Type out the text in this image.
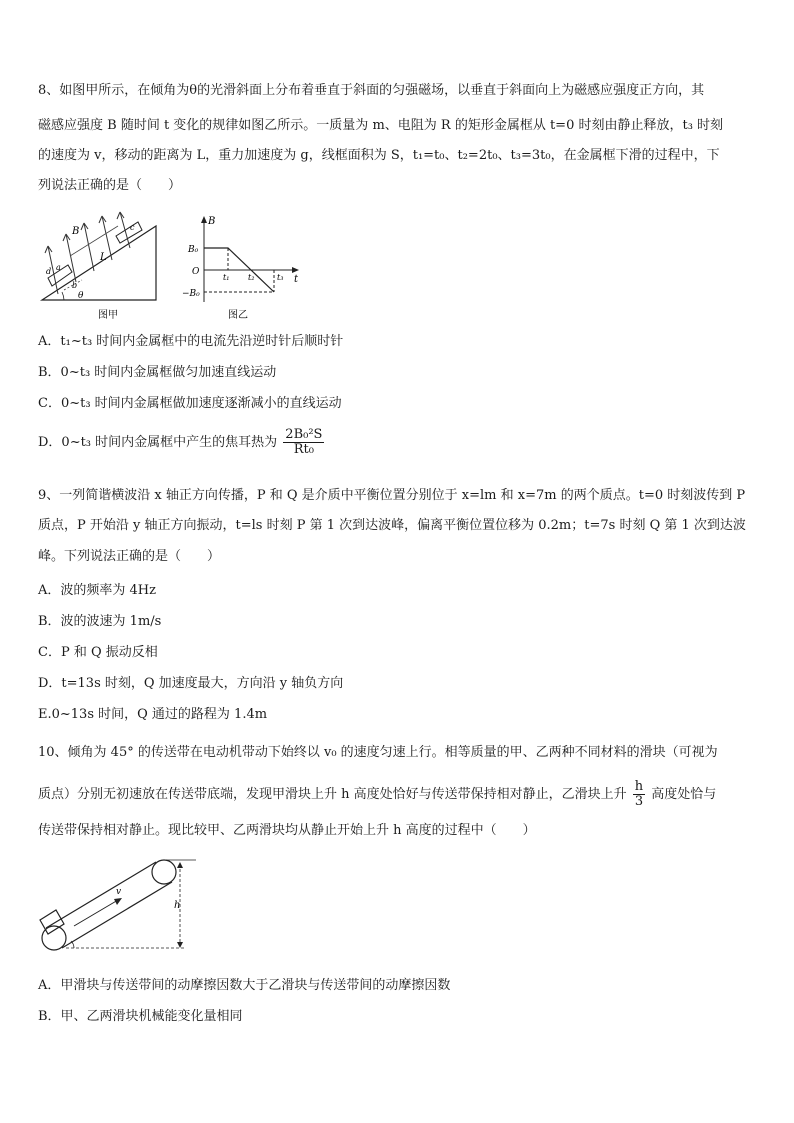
8、如图甲所示，在倾角为θ的光滑斜面上分布着垂直于斜面的匀强磁场，以垂直于斜面向上为磁感应强度正方向，其
磁感应强度 B 随时间 t 变化的规律如图乙所示。一质量为 m、电阻为 R 的矩形金属框从 t=0 时刻由静止释放，t₃ 时刻
的速度为 v，移动的距离为 L，重力加速度为 g，线框面积为 S，t₁=t₀、t₂=2t₀、t₃=3t₀，在金属框下滑的过程中，下
列说法正确的是（　　）
B
L
d a
c
b
θ
图甲
B
B₀
O
−B₀
t
t₁ t₂	t₃
图乙
A．t₁~t₃ 时间内金属框中的电流先沿逆时针后顺时针
B．0~t₃ 时间内金属框做匀加速直线运动
C．0~t₃ 时间内金属框做加速度逐渐减小的直线运动
D．0~t₃ 时间内金属框中产生的焦耳热为 $\frac{\text{2B₀²S}}{\text{Rt₀}}$
9、一列简谐横波沿 x 轴正方向传播，P 和 Q 是介质中平衡位置分别位于 x=lm 和 x=7m 的两个质点。t=0 时刻波传到 P
质点，P 开始沿 y 轴正方向振动，t=ls 时刻 P 第 1 次到达波峰，偏离平衡位置位移为 0.2m；t=7s 时刻 Q 第 1 次到达波
峰。下列说法正确的是（　　）
A．波的频率为 4Hz
B．波的波速为 1m/s
C．P 和 Q 振动反相
D．t=13s 时刻，Q 加速度最大，方向沿 y 轴负方向
E.0~13s 时间，Q 通过的路程为 1.4m
10、倾角为 45° 的传送带在电动机带动下始终以 v₀ 的速度匀速上行。相等质量的甲、乙两种不同材料的滑块（可视为
质点）分别无初速放在传送带底端，发现甲滑块上升 h 高度处恰好与传送带保持相对静止，乙滑块上升 $\frac{h}{3}$ 高度处恰与
传送带保持相对静止。现比较甲、乙两滑块均从静止开始上升 h 高度的过程中（　　）
v
h
A．甲滑块与传送带间的动摩擦因数大于乙滑块与传送带间的动摩擦因数
B．甲、乙两滑块机械能变化量相同
